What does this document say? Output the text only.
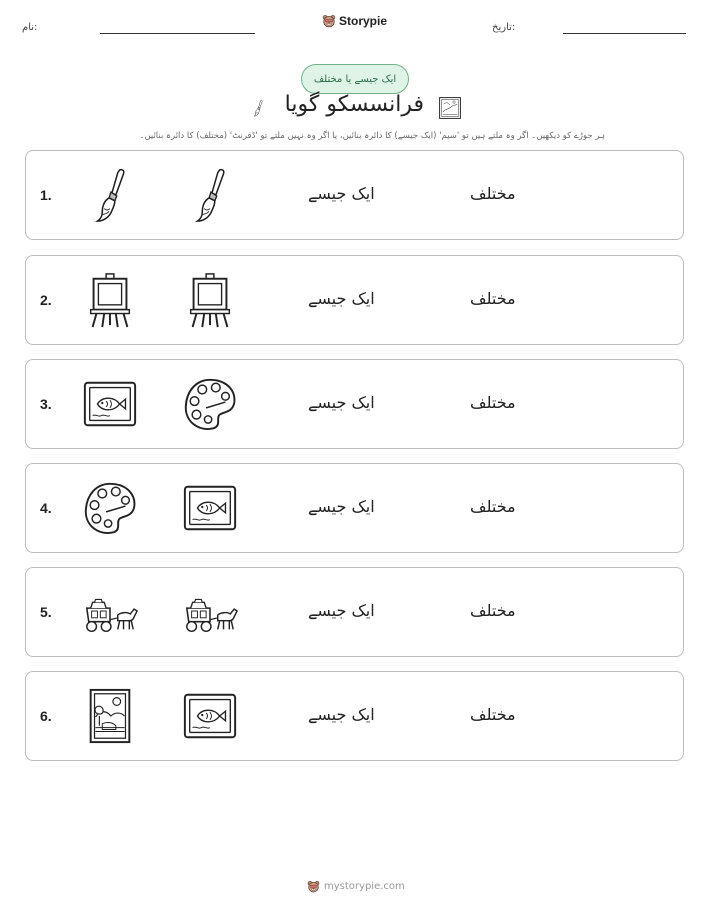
نام:	Storypie	تاریخ:
ایک جیسے یا مختلف
فرانسسکو گویا
ہر جوڑے کو دیکھیں۔ اگر وہ ملتے ہیں تو 'سیم' (ایک جیسے) کا دائرہ بنائیں، یا اگر وہ نہیں ملتے تو 'ڈفرنٹ' (مختلف) کا دائرہ بنائیں۔
1.	ایک جیسے	مختلف
2.	ایک جیسے	مختلف
3.	ایک جیسے	مختلف
4.	ایک جیسے	مختلف
5.	ایک جیسے	مختلف
6.	ایک جیسے	مختلف
mystorypie.com
